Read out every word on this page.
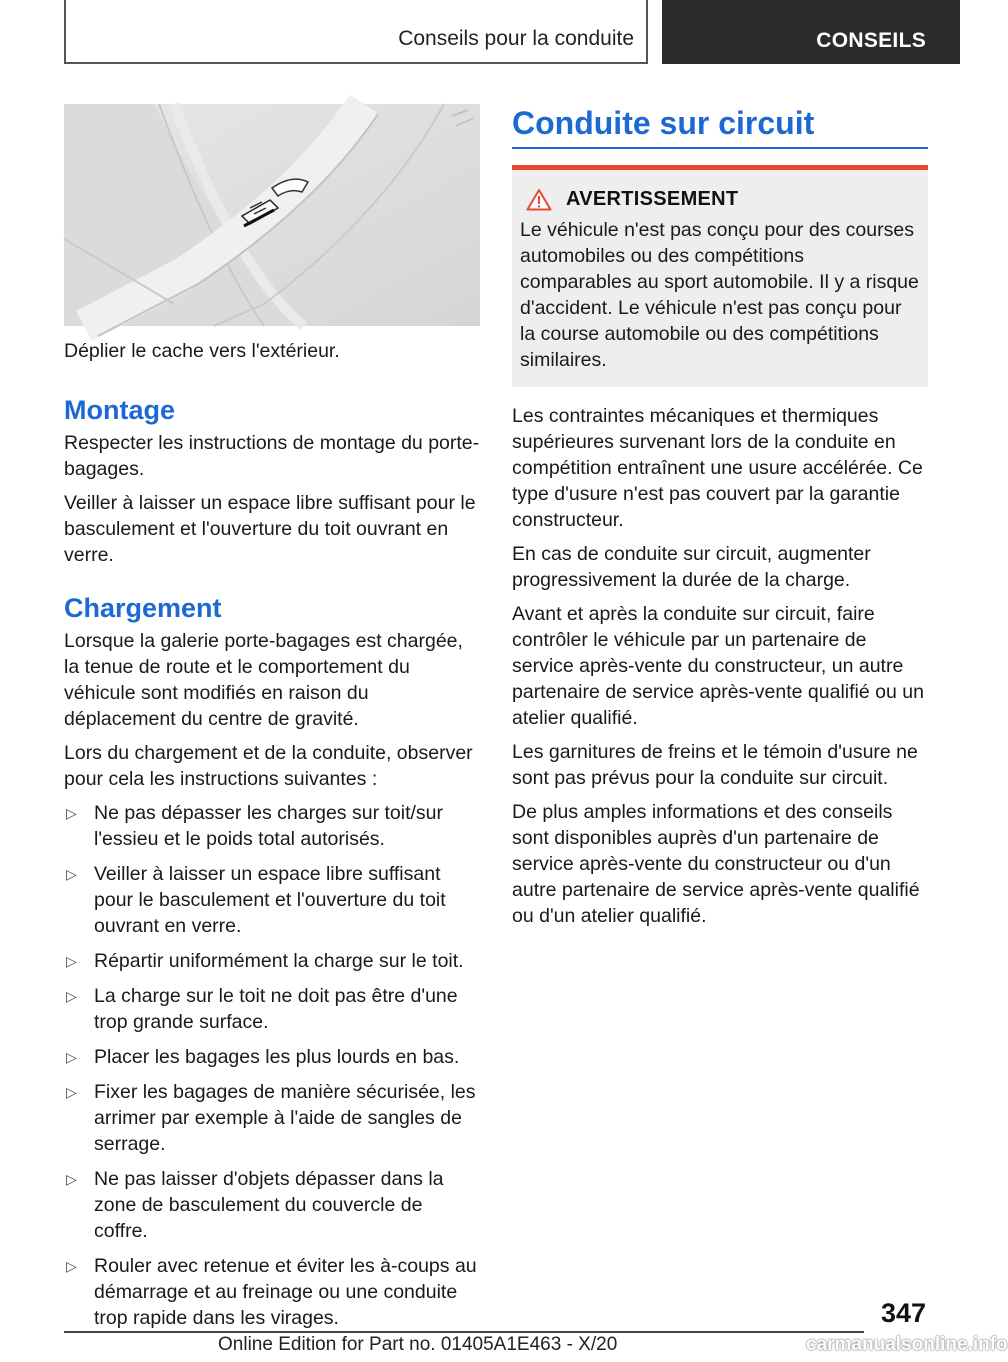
Conseils pour la conduite	CONSEILS

Déplier le cache vers l'extérieur.

Montage

Respecter les instructions de montage du porte-bagages.

Veiller à laisser un espace libre suffisant pour le basculement et l'ouverture du toit ouvrant en verre.

Chargement

Lorsque la galerie porte-bagages est chargée, la tenue de route et le comportement du véhicule sont modifiés en raison du déplacement du centre de gravité.

Lors du chargement et de la conduite, observer pour cela les instructions suivantes :

▷ Ne pas dépasser les charges sur toit/sur l'essieu et le poids total autorisés.
▷ Veiller à laisser un espace libre suffisant pour le basculement et l'ouverture du toit ouvrant en verre.
▷ Répartir uniformément la charge sur le toit.
▷ La charge sur le toit ne doit pas être d'une trop grande surface.
▷ Placer les bagages les plus lourds en bas.
▷ Fixer les bagages de manière sécurisée, les arrimer par exemple à l'aide de sangles de serrage.
▷ Ne pas laisser d'objets dépasser dans la zone de basculement du couvercle de coffre.
▷ Rouler avec retenue et éviter les à-coups au démarrage et au freinage ou une conduite trop rapide dans les virages.
Conduite sur circuit
AVERTISSEMENT

Le véhicule n'est pas conçu pour des courses automobiles ou des compétitions comparables au sport automobile. Il y a risque d'accident. Le véhicule n'est pas conçu pour la course automobile ou des compétitions similaires.

Les contraintes mécaniques et thermiques supérieures survenant lors de la conduite en compétition entraînent une usure accélérée. Ce type d'usure n'est pas couvert par la garantie constructeur.

En cas de conduite sur circuit, augmenter progressivement la durée de la charge.

Avant et après la conduite sur circuit, faire contrôler le véhicule par un partenaire de service après-vente du constructeur, un autre partenaire de service après-vente qualifié ou un atelier qualifié.

Les garnitures de freins et le témoin d'usure ne sont pas prévus pour la conduite sur circuit.

De plus amples informations et des conseils sont disponibles auprès d'un partenaire de service après-vente du constructeur ou d'un autre partenaire de service après-vente qualifié ou d'un atelier qualifié.

347
Online Edition for Part no. 01405A1E463 - X/20	carmanualsonline.info
